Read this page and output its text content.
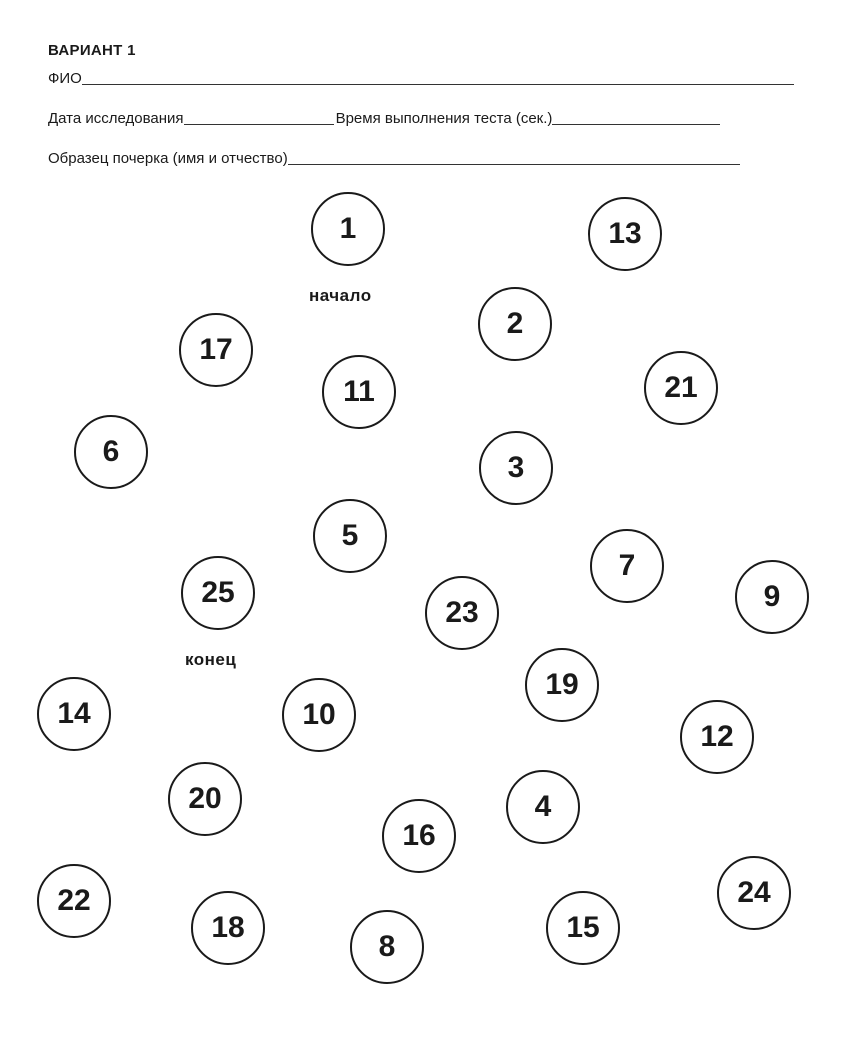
ВАРИАНТ 1
ФИО
Дата исследования	Время выполнения теста (сек.)
Образец почерка (имя и отчество)
1	13
2
17
11	21
6	3
5
7
25	9
23
19
14	10
12
20	4
16
22	24
18	15
8
начало
конец
